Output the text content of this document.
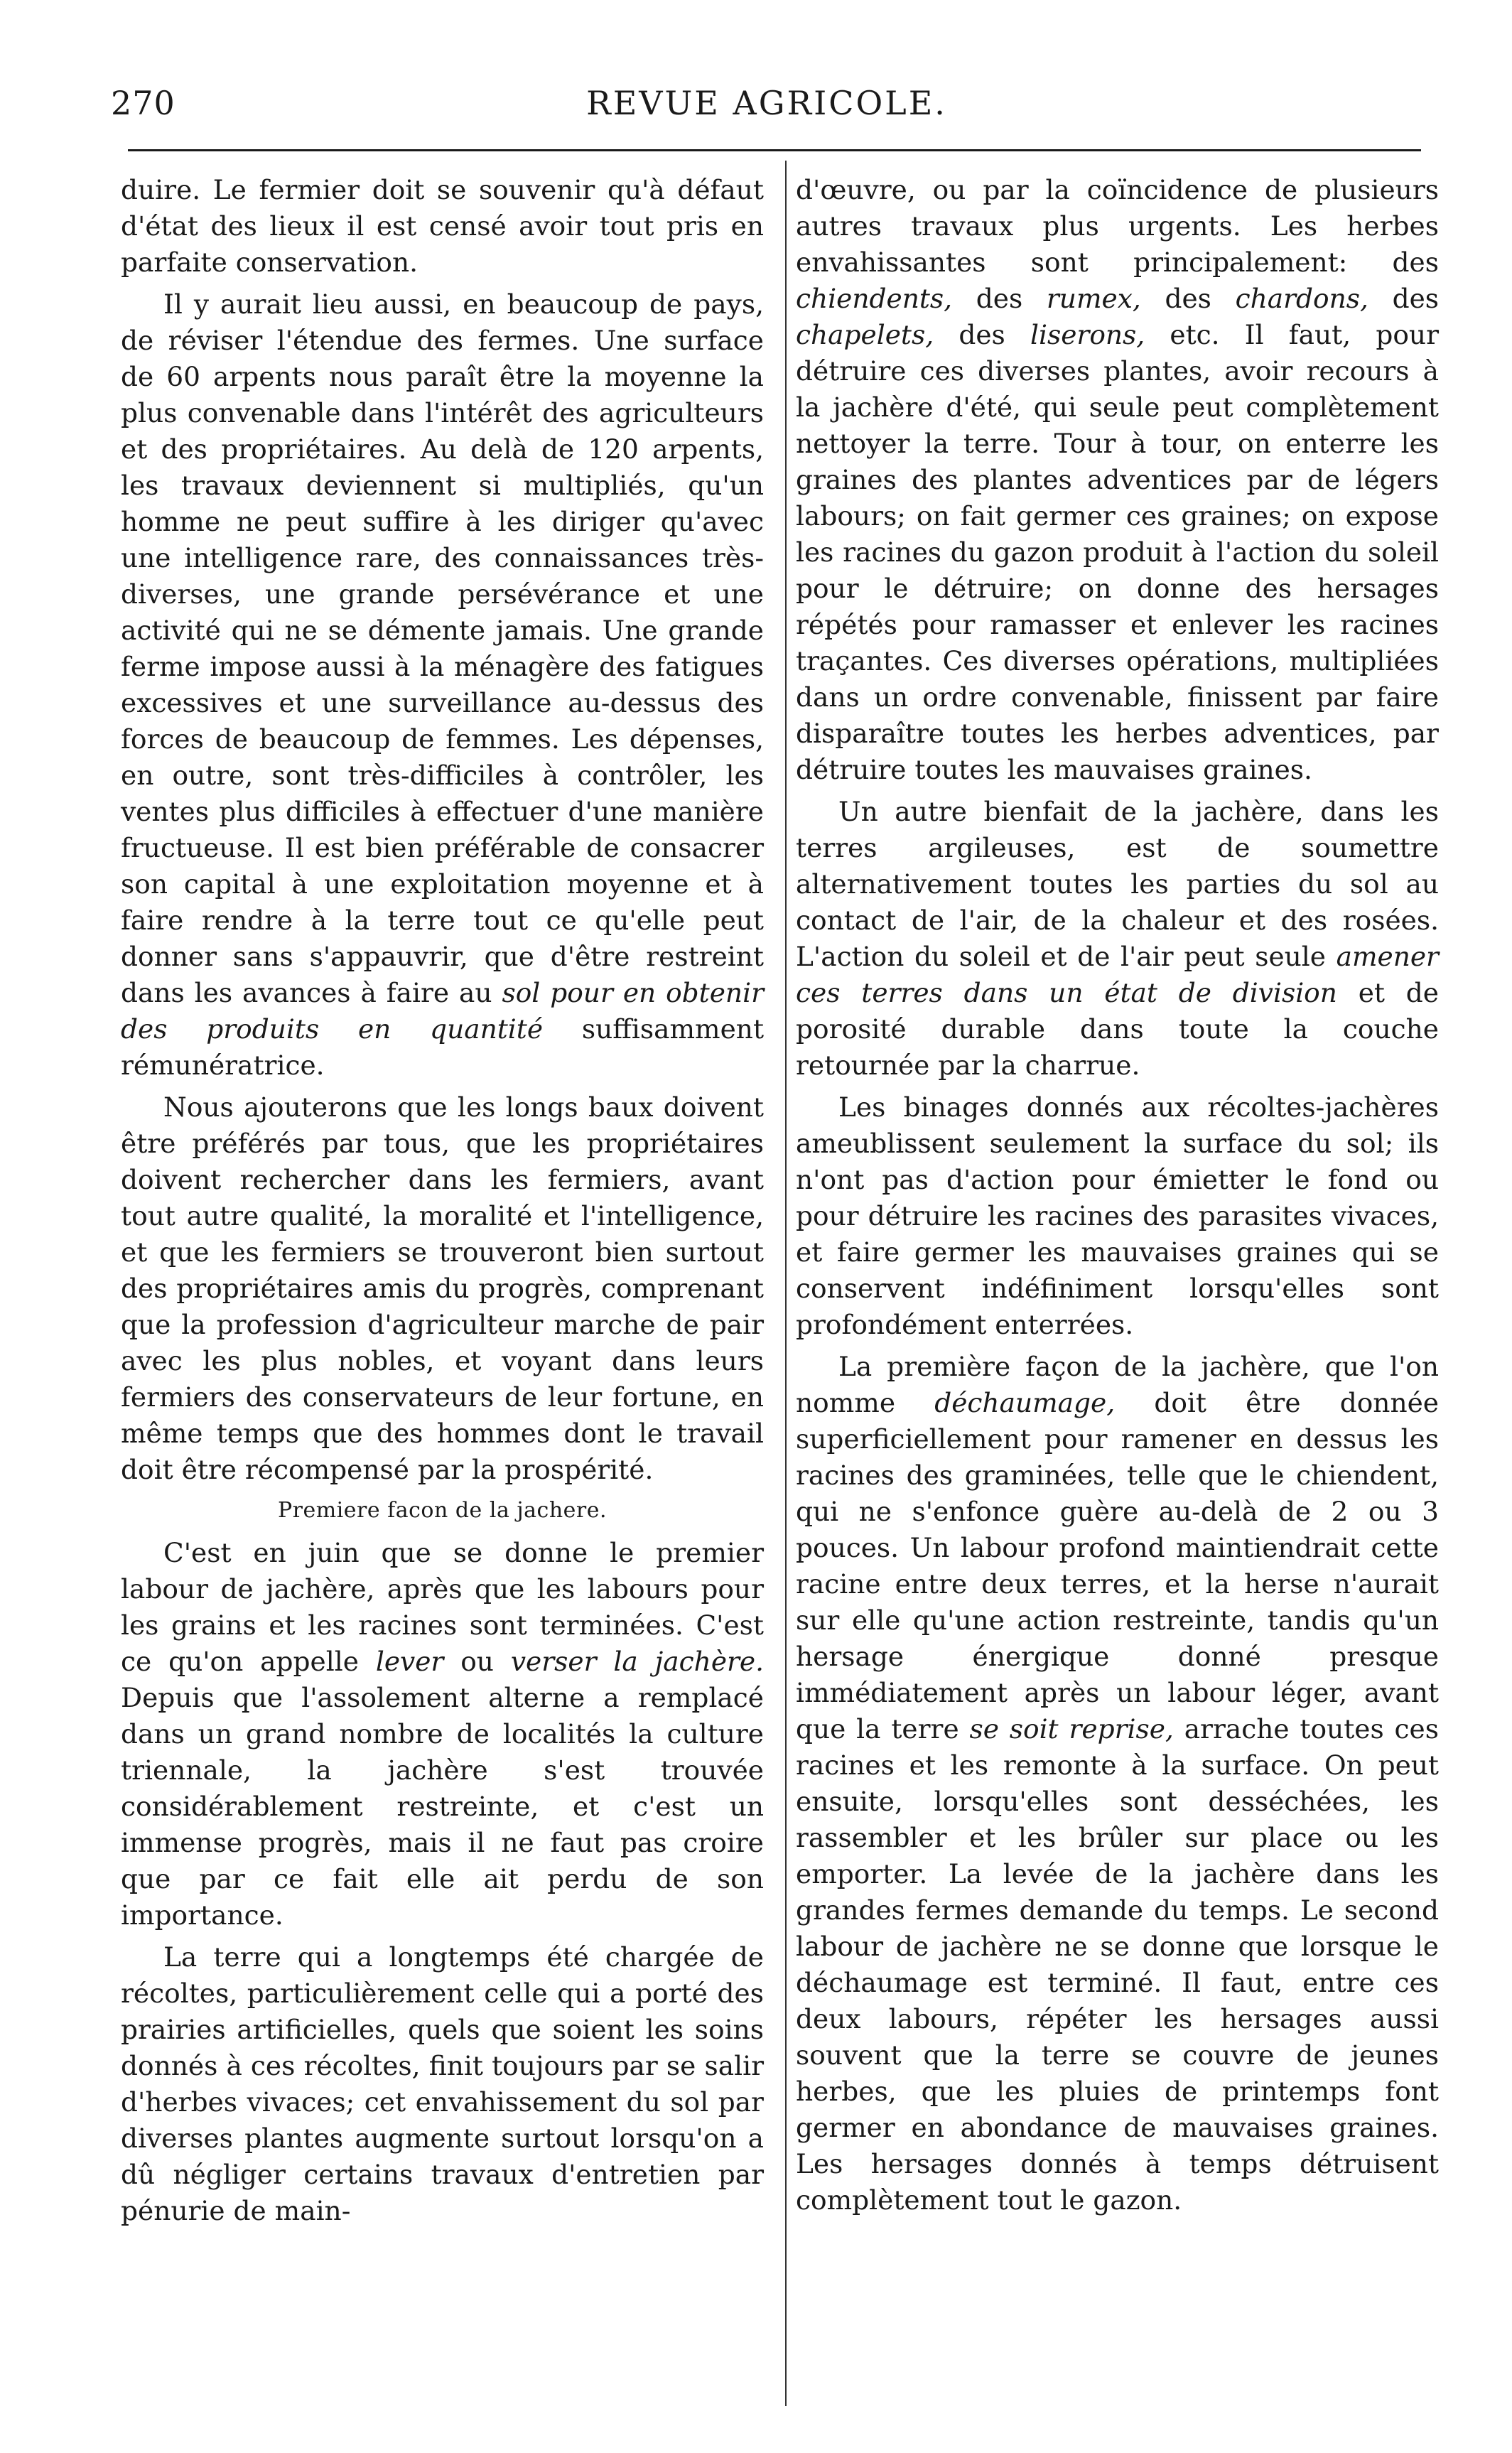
270	REVUE AGRICOLE.

duire. Le fermier doit se souvenir qu'à défaut d'état des lieux il est censé avoir tout pris en parfaite conservation.

Il y aurait lieu aussi, en beaucoup de pays, de réviser l'étendue des fermes. Une surface de 60 arpents nous paraît être la moyenne la plus convenable dans l'intérêt des agriculteurs et des propriétaires. Au delà de 120 arpents, les travaux deviennent si multipliés, qu'un homme ne peut suffire à les diriger qu'avec une intelligence rare, des connaissances très-diverses, une grande persévérance et une activité qui ne se démente jamais. Une grande ferme impose aussi à la ménagère des fatigues excessives et une surveillance au-dessus des forces de beaucoup de femmes. Les dépenses, en outre, sont très-difficiles à contrôler, les ventes plus difficiles à effectuer d'une manière fructueuse. Il est bien préférable de consacrer son capital à une exploitation moyenne et à faire rendre à la terre tout ce qu'elle peut donner sans s'appauvrir, que d'être restreint dans les avances à faire au sol pour en obtenir des produits en quantité suffisamment rémunératrice.

Nous ajouterons que les longs baux doivent être préférés par tous, que les propriétaires doivent rechercher dans les fermiers, avant tout autre qualité, la moralité et l'intelligence, et que les fermiers se trouveront bien surtout des propriétaires amis du progrès, comprenant que la profession d'agriculteur marche de pair avec les plus nobles, et voyant dans leurs fermiers des conservateurs de leur fortune, en même temps que des hommes dont le travail doit être récompensé par la prospérité.

Premiere facon de la jachere.

C'est en juin que se donne le premier labour de jachère, après que les labours pour les grains et les racines sont terminées. C'est ce qu'on appelle lever ou verser la jachère. Depuis que l'assolement alterne a remplacé dans un grand nombre de localités la culture triennale, la jachère s'est trouvée considérablement restreinte, et c'est un immense progrès, mais il ne faut pas croire que par ce fait elle ait perdu de son importance.

La terre qui a longtemps été chargée de récoltes, particulièrement celle qui a porté des prairies artificielles, quels que soient les soins donnés à ces récoltes, finit toujours par se salir d'herbes vivaces; cet envahissement du sol par diverses plantes augmente surtout lorsqu'on a dû négliger certains travaux d'entretien par pénurie de main-

d'œuvre, ou par la coïncidence de plusieurs autres travaux plus urgents. Les herbes envahissantes sont principalement: des chiendents, des rumex, des chardons, des chapelets, des liserons, etc. Il faut, pour détruire ces diverses plantes, avoir recours à la jachère d'été, qui seule peut complètement nettoyer la terre. Tour à tour, on enterre les graines des plantes adventices par de légers labours; on fait germer ces graines; on expose les racines du gazon produit à l'action du soleil pour le détruire; on donne des hersages répétés pour ramasser et enlever les racines traçantes. Ces diverses opérations, multipliées dans un ordre convenable, finissent par faire disparaître toutes les herbes adventices, par détruire toutes les mauvaises graines.

Un autre bienfait de la jachère, dans les terres argileuses, est de soumettre alternativement toutes les parties du sol au contact de l'air, de la chaleur et des rosées. L'action du soleil et de l'air peut seule amener ces terres dans un état de division et de porosité durable dans toute la couche retournée par la charrue.

Les binages donnés aux récoltes-jachères ameublissent seulement la surface du sol; ils n'ont pas d'action pour émietter le fond ou pour détruire les racines des parasites vivaces, et faire germer les mauvaises graines qui se conservent indéfiniment lorsqu'elles sont profondément enterrées.

La première façon de la jachère, que l'on nomme déchaumage, doit être donnée superficiellement pour ramener en dessus les racines des graminées, telle que le chiendent, qui ne s'enfonce guère au-delà de 2 ou 3 pouces. Un labour profond maintiendrait cette racine entre deux terres, et la herse n'aurait sur elle qu'une action restreinte, tandis qu'un hersage énergique donné presque immédiatement après un labour léger, avant que la terre se soit reprise, arrache toutes ces racines et les remonte à la surface. On peut ensuite, lorsqu'elles sont desséchées, les rassembler et les brûler sur place ou les emporter. La levée de la jachère dans les grandes fermes demande du temps. Le second labour de jachère ne se donne que lorsque le déchaumage est terminé. Il faut, entre ces deux labours, répéter les hersages aussi souvent que la terre se couvre de jeunes herbes, que les pluies de printemps font germer en abondance de mauvaises graines. Les hersages donnés à temps détruisent complètement tout le gazon.
